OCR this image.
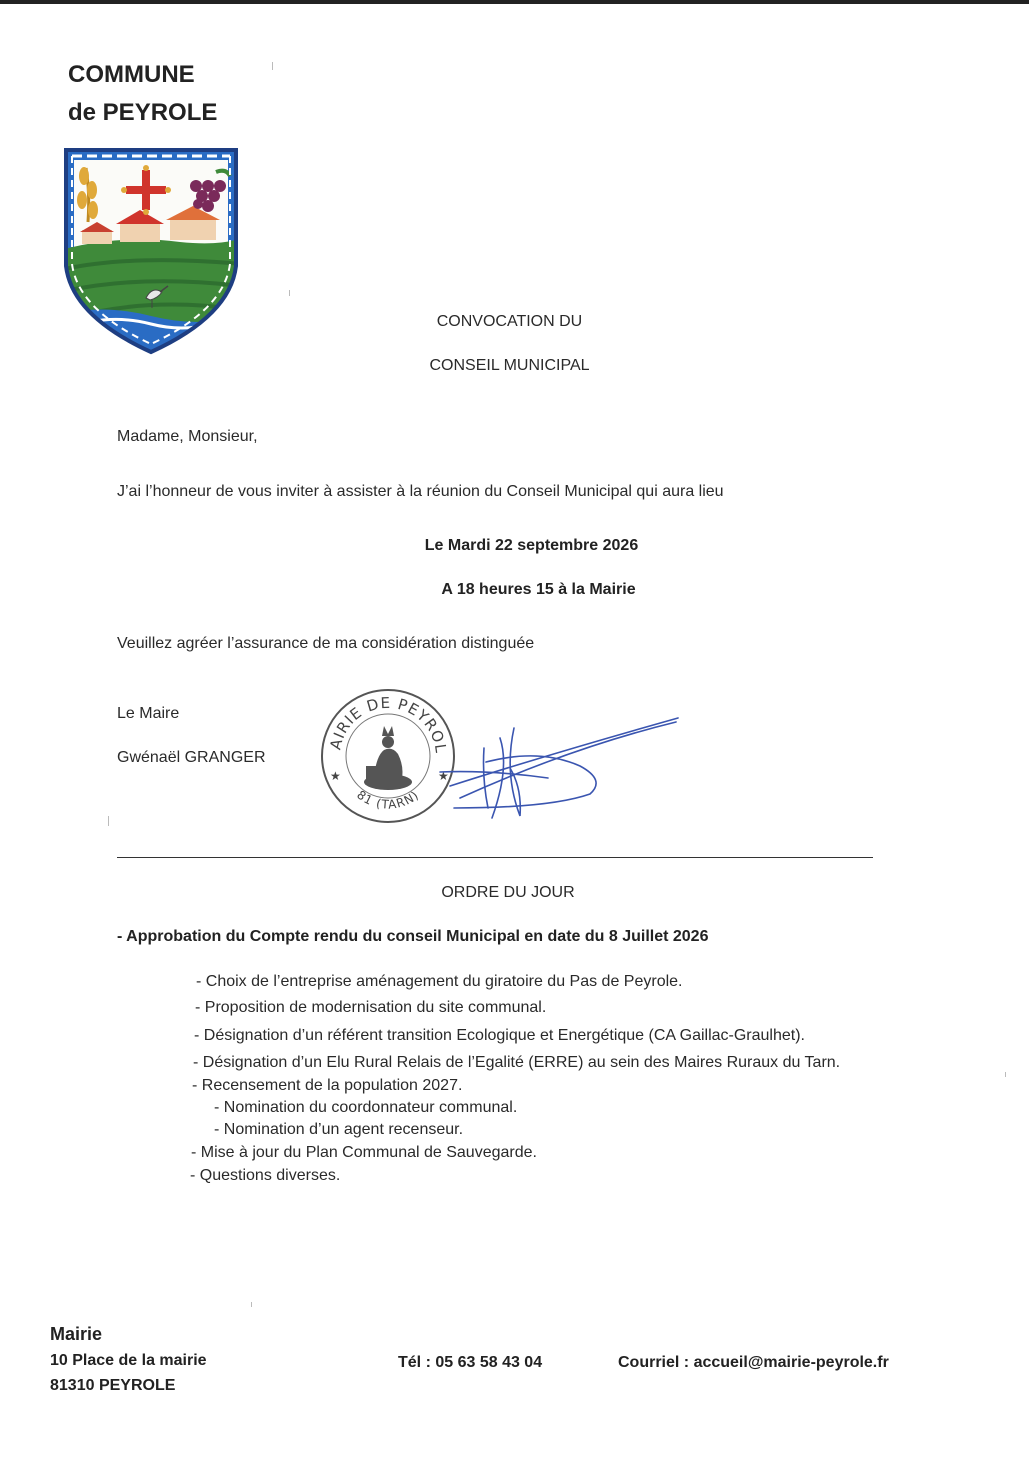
COMMUNE
de PEYROLE
CONVOCATION DU
CONSEIL MUNICIPAL
Madame, Monsieur,
J’ai l’honneur de vous inviter à assister à la réunion du Conseil Municipal qui aura lieu
Le Mardi 22 septembre 2026
A 18 heures 15 à la Mairie
Veuillez agréer l’assurance de ma considération distinguée
Le Maire
Gwénaël GRANGER
AIRIE DE PEYROL
81 (TARN)
★	★
ORDRE DU JOUR
- Approbation du Compte rendu du conseil Municipal en date du 8 Juillet 2026
- Choix de l’entreprise aménagement du giratoire du Pas de Peyrole.
- Proposition de modernisation du site communal.
- Désignation d’un référent transition Ecologique et Energétique (CA Gaillac-Graulhet).
- Désignation d’un Elu Rural Relais de l’Egalité (ERRE) au sein des Maires Ruraux du Tarn.
- Recensement de la population 2027.
- Nomination du coordonnateur communal.
- Nomination d’un agent recenseur.
- Mise à jour du Plan Communal de Sauvegarde.
- Questions diverses.
Mairie
10 Place de la mairie
81310 PEYROLE
Tél : 05 63 58 43 04	Courriel : accueil@mairie-peyrole.fr
